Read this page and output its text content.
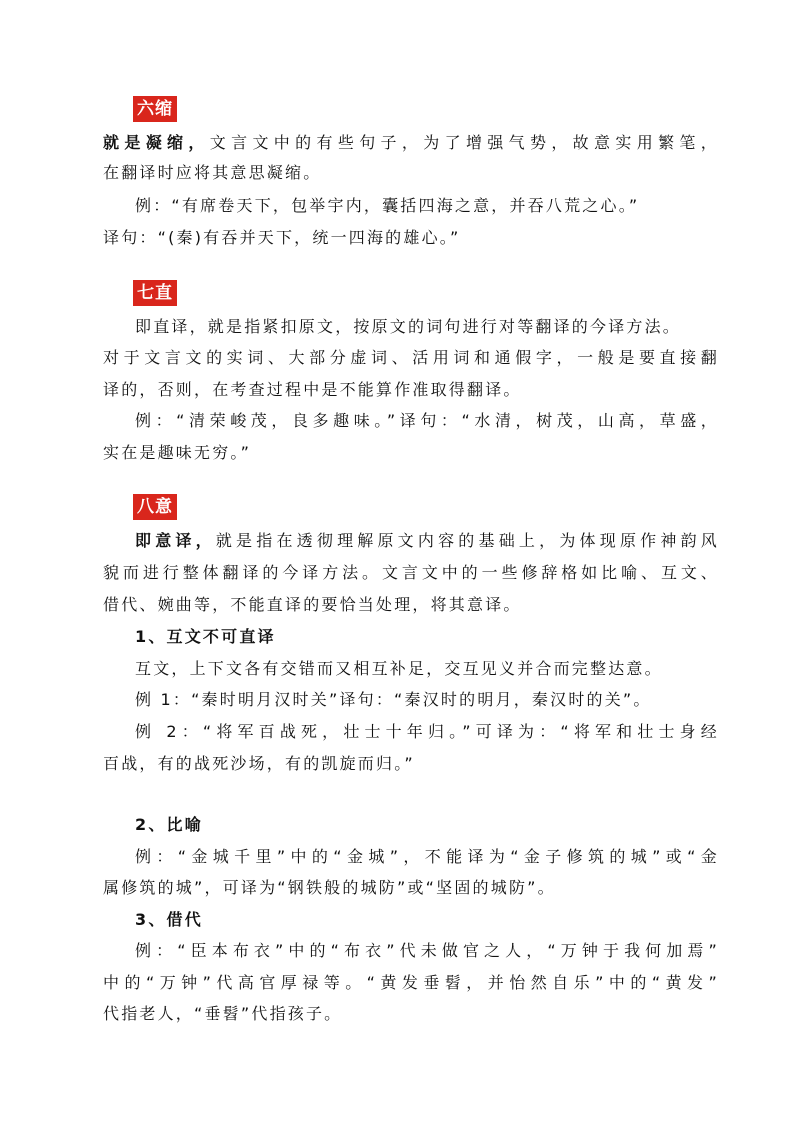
六缩
就是凝缩，文言文中的有些句子，为了增强气势，故意实用繁笔，
在翻译时应将其意思凝缩。
例：“有席卷天下，包举宇内，囊括四海之意，并吞八荒之心。”
译句：“(秦)有吞并天下，统一四海的雄心。”
七直
即直译，就是指紧扣原文，按原文的词句进行对等翻译的今译方法。
对于文言文的实词、大部分虚词、活用词和通假字，一般是要直接翻
译的，否则，在考查过程中是不能算作准取得翻译。
例：“清荣峻茂，良多趣味。”译句：“水清，树茂，山高，草盛，
实在是趣味无穷。”
八意
即意译，就是指在透彻理解原文内容的基础上，为体现原作神韵风
貌而进行整体翻译的今译方法。文言文中的一些修辞格如比喻、互文、
借代、婉曲等，不能直译的要恰当处理，将其意译。
1、互文不可直译
互文，上下文各有交错而又相互补足，交互见义并合而完整达意。
例 1：“秦时明月汉时关”译句：“秦汉时的明月，秦汉时的关”。
例 2：“将军百战死，壮士十年归。”可译为：“将军和壮士身经
百战，有的战死沙场，有的凯旋而归。”
2、比喻
例：“金城千里”中的“金城”，不能译为“金子修筑的城”或“金
属修筑的城”，可译为“钢铁般的城防”或“坚固的城防”。
3、借代
例：“臣本布衣”中的“布衣”代未做官之人，“万钟于我何加焉”
中的“万钟”代高官厚禄等。“黄发垂髫，并怡然自乐”中的“黄发”
代指老人，“垂髫”代指孩子。
